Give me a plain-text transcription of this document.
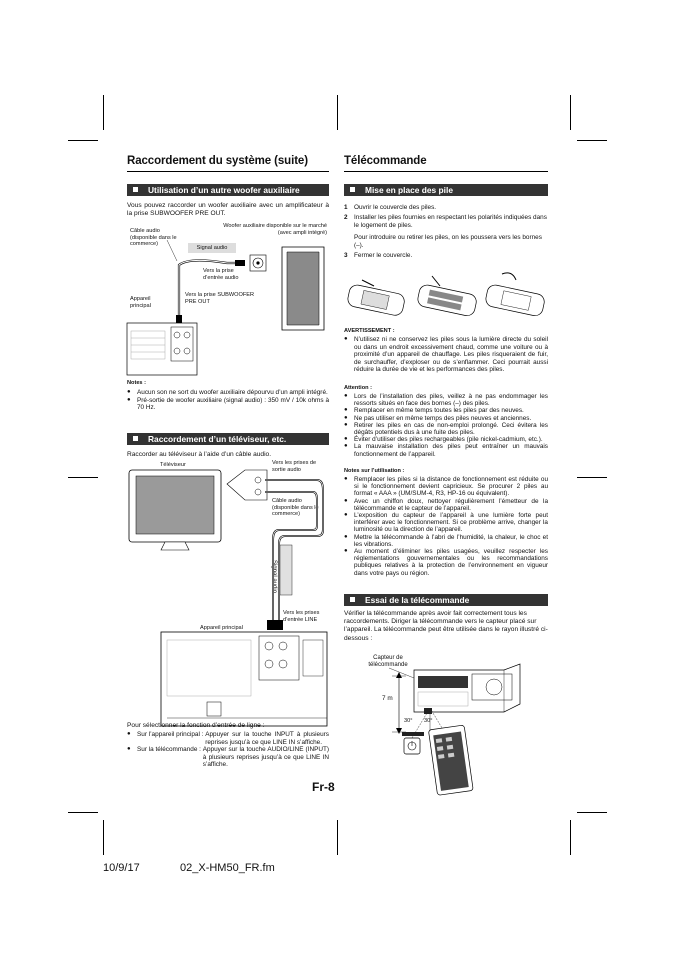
Raccordement du système (suite)
Utilisation d’un autre woofer auxiliaire
Vous pouvez raccorder un woofer auxiliaire avec un amplificateur à la prise SUBWOOFER PRE OUT.
Woofer auxiliaire disponible sur le marché (avec ampli intégré)
Câble audio (disponible dans le commerce)
Signal audio
Vers la prise d’entrée audio
Vers la prise SUBWOOFER PRE OUT
Appareil principal
Notes :
● Aucun son ne sort du woofer auxiliaire dépourvu d’un ampli intégré.
● Pré-sortie de woofer auxiliaire (signal audio) : 350 mV / 10k ohms à 70 Hz.
Raccordement d’un téléviseur, etc.
Raccorder au téléviseur à l’aide d’un câble audio.
Téléviseur	Vers les prises de sortie audio
Câble audio (disponible dans le commerce)
Vers les prises d’entrée LINE
Appareil principal
Signal audio
Pour sélectionner la fonction d’entrée de ligne :
● Sur l’appareil principal :
Appuyer sur la touche INPUT à plusieurs reprises jusqu’à ce que LINE IN s’affiche.
● Sur la télécommande :
Appuyer sur la touche AUDIO/LINE (INPUT) à plusieurs reprises jusqu’à ce que LINE IN s’affiche.
Télécommande
Mise en place des pile
1 Ouvrir le couvercle des piles.
2 Installer les piles fournies en respectant les polarités indiquées dans le logement de piles.
Pour introduire ou retirer les piles, on les poussera vers les bornes (–).
3 Fermer le couvercle.
AVERTISSEMENT :
● N’utilisez ni ne conservez les piles sous la lumière directe du soleil ou dans un endroit excessivement chaud, comme une voiture ou à proximité d’un appareil de chauffage. Les piles risqueraient de fuir, de surchauffer, d’exploser ou de s’enflammer. Ceci pourrait aussi réduire la durée de vie et les performances des piles.
Attention :
● Lors de l’installation des piles, veillez à ne pas endommager les ressorts situés en face des bornes (–) des piles.
● Remplacer en même temps toutes les piles par des neuves.
● Ne pas utiliser en même temps des piles neuves et anciennes.
● Retirer les piles en cas de non-emploi prolongé. Ceci évitera les dégâts potentiels dus à une fuite des piles.
● Éviter d’utiliser des piles rechargeables (pile nickel-cadmium, etc.).
● La mauvaise installation des piles peut entraîner un mauvais fonctionnement de l’appareil.
Notes sur l’utilisation :
● Remplacer les piles si la distance de fonctionnement est réduite ou si le fonctionnement devient capricieux. Se procurer 2 piles au format « AAA » (UM/SUM-4, R3, HP-16 ou équivalent).
● Avec un chiffon doux, nettoyer régulièrement l’émetteur de la télécommande et le capteur de l’appareil.
● L’exposition du capteur de l’appareil à une lumière forte peut interférer avec le fonctionnement. Si ce problème arrive, changer la luminosité ou la direction de l’appareil.
● Mettre la télécommande à l’abri de l’humidité, la chaleur, le choc et les vibrations.
● Au moment d’éliminer les piles usagées, veuillez respecter les réglementations gouvernementales ou les recommandations publiques relatives à la protection de l’environnement en vigueur dans votre pays ou région.
Essai de la télécommande
Vérifier la télécommande après avoir fait correctement tous les raccordements. Diriger la télécommande vers le capteur placé sur l’appareil. La télécommande peut être utilisée dans le rayon illustré ci-dessous :
Capteur de télécommande
7 m
30° 30°
Fr-8
10/9/17	02_X-HM50_FR.fm
